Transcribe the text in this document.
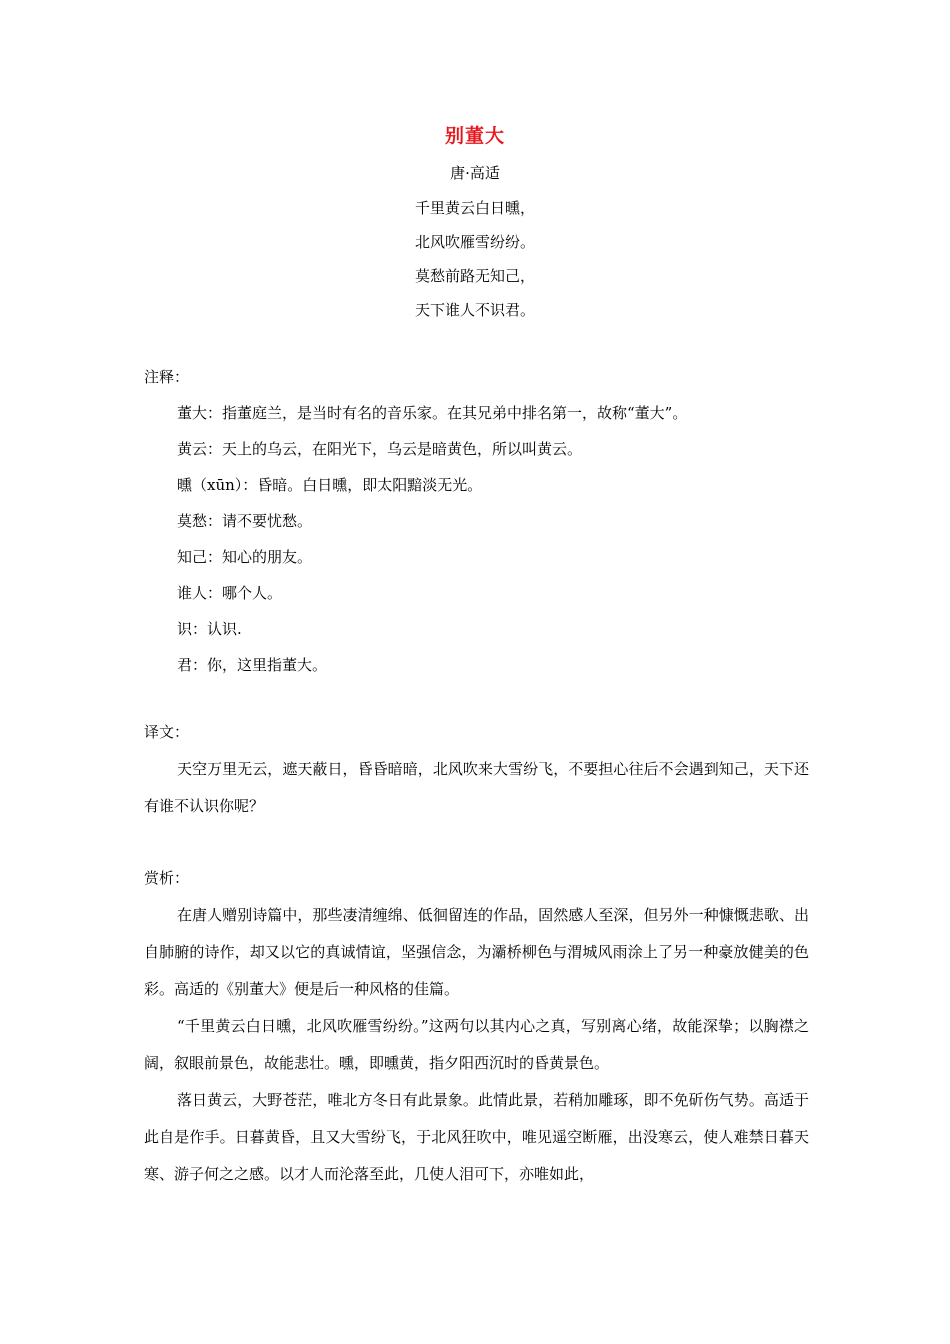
别董大
唐·高适
千里黄云白日曛，
北风吹雁雪纷纷。
莫愁前路无知己，
天下谁人不识君。
注释：
董大：指董庭兰，是当时有名的音乐家。在其兄弟中排名第一，故称“董大”。
黄云：天上的乌云，在阳光下，乌云是暗黄色，所以叫黄云。
曛（xūn）：昏暗。白日曛，即太阳黯淡无光。
莫愁：请不要忧愁。
知己：知心的朋友。
谁人：哪个人。
识：认识.
君：你，这里指董大。
译文：

天空万里无云，遮天蔽日，昏昏暗暗，北风吹来大雪纷飞，不要担心往后不会遇到知己，天下还有谁不认识你呢？

赏析：

在唐人赠别诗篇中，那些凄清缠绵、低徊留连的作品，固然感人至深，但另外一种慷慨悲歌、出自肺腑的诗作，却又以它的真诚情谊，坚强信念，为灞桥柳色与渭城风雨涂上了另一种豪放健美的色彩。高适的《别董大》便是后一种风格的佳篇。

“千里黄云白日曛，北风吹雁雪纷纷。”这两句以其内心之真，写别离心绪，故能深挚；以胸襟之阔，叙眼前景色，故能悲壮。曛，即曛黄，指夕阳西沉时的昏黄景色。

落日黄云，大野苍茫，唯北方冬日有此景象。此情此景，若稍加雕琢，即不免斫伤气势。高适于此自是作手。日暮黄昏，且又大雪纷飞，于北风狂吹中，唯见遥空断雁，出没寒云，使人难禁日暮天寒、游子何之之感。以才人而沦落至此，几使人泪可下，亦唯如此，
